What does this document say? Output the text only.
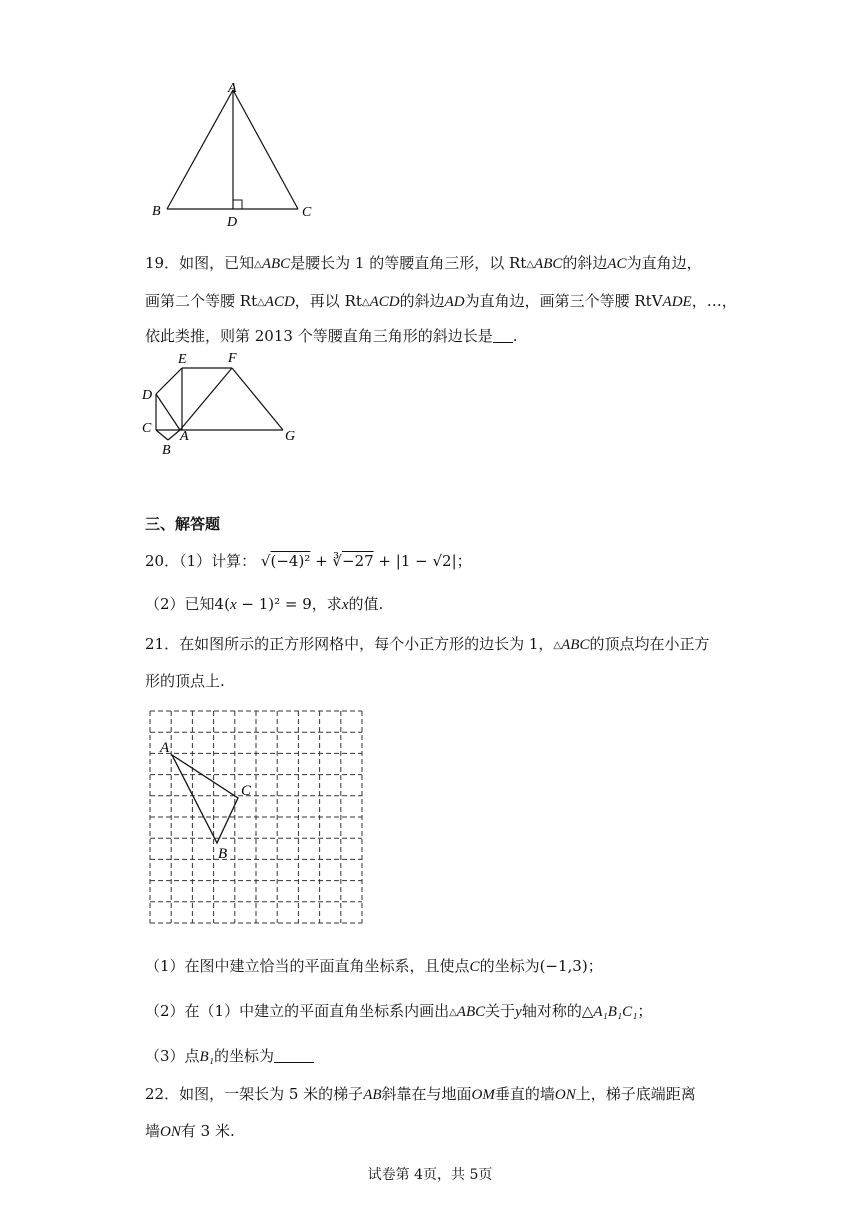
A
B	C
D
19．如图，已知△ABC是腰长为 1 的等腰直角三形，以 Rt△ABC的斜边AC为直角边，
画第二个等腰 Rt△ACD，再以 Rt△ACD的斜边AD为直角边，画第三个等腰 RtVADE，…，
依此类推，则第 2013 个等腰直角三角形的斜边长是 .
E	F
D
C
A
B
G
三、解答题
20．（1）计算： √(−4)² + ∛−27 + |1 − √2|；
（2）已知4(x − 1)² = 9，求x的值.
21．在如图所示的正方形网格中，每个小正方形的边长为 1，△ABC的顶点均在小正方
形的顶点上.
A
C
B
（1）在图中建立恰当的平面直角坐标系，且使点C的坐标为(−1,3)；
（2）在（1）中建立的平面直角坐标系内画出△ABC关于y轴对称的△A₁B₁C₁；
（3）点B₁的坐标为
22．如图，一架长为 5 米的梯子AB斜靠在与地面OM垂直的墙ON上，梯子底端距离
墙ON有 3 米.
试卷第 4页，共 5页
